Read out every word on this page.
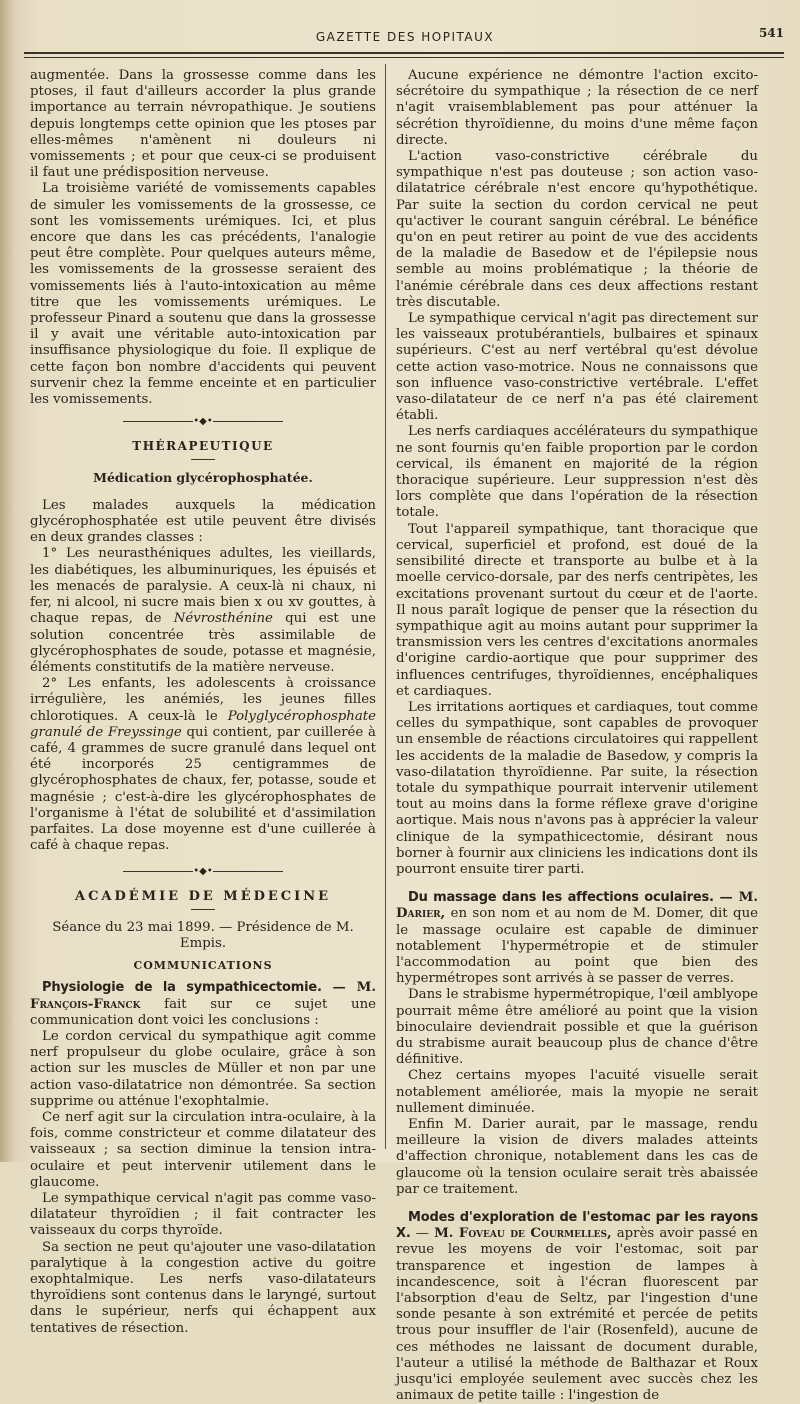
GAZETTE DES HOPITAUX	541

augmentée. Dans la grossesse comme dans les ptoses, il faut d'ailleurs accorder la plus grande importance au terrain névropathique. Je soutiens depuis longtemps cette opinion que les ptoses par elles-mêmes n'amènent ni douleurs ni vomissements ; et pour que ceux-ci se produisent il faut une prédisposition nerveuse.

La troisième variété de vomissements capables de simuler les vomissements de la grossesse, ce sont les vomissements urémiques. Ici, et plus encore que dans les cas précédents, l'analogie peut être complète. Pour quelques auteurs même, les vomissements de la grossesse seraient des vomissements liés à l'auto-intoxication au même titre que les vomissements urémiques. Le professeur Pinard a soutenu que dans la grossesse il y avait une véritable auto-intoxication par insuffisance physiologique du foie. Il explique de cette façon bon nombre d'accidents qui peuvent survenir chez la femme enceinte et en particulier les vomissements.

•◆•
THÉRAPEUTIQUE
Médication glycérophosphatée.

Les malades auxquels la médication glycérophosphatée est utile peuvent être divisés en deux grandes classes :

1° Les neurasthéniques adultes, les vieillards, les diabétiques, les albuminuriques, les épuisés et les menacés de paralysie. A ceux-là ni chaux, ni fer, ni alcool, ni sucre mais bien x ou xv gouttes, à chaque repas, de Névrosthénine qui est une solution concentrée très assimilable de glycérophosphates de soude, potasse et magnésie, éléments constitutifs de la matière nerveuse.

2° Les enfants, les adolescents à croissance irrégulière, les anémiés, les jeunes filles chlorotiques. A ceux-là le Polyglycérophosphate granulé de Freyssinge qui contient, par cuillerée à café, 4 grammes de sucre granulé dans lequel ont été incorporés 25 centigrammes de glycérophosphates de chaux, fer, potasse, soude et magnésie ; c'est-à-dire les glycérophosphates de l'organisme à l'état de solubilité et d'assimilation parfaites. La dose moyenne est d'une cuillerée à café à chaque repas.

•◆•
ACADÉMIE DE MÉDECINE
Séance du 23 mai 1899. — Présidence de M. Empis.
COMMUNICATIONS

Physiologie de la sympathicectomie. — M. François-Franck fait sur ce sujet une communication dont voici les conclusions :

Le cordon cervical du sympathique agit comme nerf propulseur du globe oculaire, grâce à son action sur les muscles de Müller et non par une action vaso-dilatatrice non démontrée. Sa section supprime ou atténue l'exophtalmie.

Ce nerf agit sur la circulation intra-oculaire, à la fois, comme constricteur et comme dilatateur des vaisseaux ; sa section diminue la tension intra-oculaire et peut intervenir utilement dans le glaucome.

Le sympathique cervical n'agit pas comme vaso-dilatateur thyroïdien ; il fait contracter les vaisseaux du corps thyroïde.

Sa section ne peut qu'ajouter une vaso-dilatation paralytique à la congestion active du goitre exophtalmique. Les nerfs vaso-dilatateurs thyroïdiens sont contenus dans le laryngé, surtout dans le supérieur, nerfs qui échappent aux tentatives de résection.

Aucune expérience ne démontre l'action excito-sécrétoire du sympathique ; la résection de ce nerf n'agit vraisemblablement pas pour atténuer la sécrétion thyroïdienne, du moins d'une même façon directe.

L'action vaso-constrictive cérébrale du sympathique n'est pas douteuse ; son action vaso-dilatatrice cérébrale n'est encore qu'hypothétique. Par suite la section du cordon cervical ne peut qu'activer le courant sanguin cérébral. Le bénéfice qu'on en peut retirer au point de vue des accidents de la maladie de Basedow et de l'épilepsie nous semble au moins problématique ; la théorie de l'anémie cérébrale dans ces deux affections restant très discutable.

Le sympathique cervical n'agit pas directement sur les vaisseaux protubérantiels, bulbaires et spinaux supérieurs. C'est au nerf vertébral qu'est dévolue cette action vaso-motrice. Nous ne connaissons que son influence vaso-constrictive vertébrale. L'effet vaso-dilatateur de ce nerf n'a pas été clairement établi.

Les nerfs cardiaques accélérateurs du sympathique ne sont fournis qu'en faible proportion par le cordon cervical, ils émanent en majorité de la région thoracique supérieure. Leur suppression n'est dès lors complète que dans l'opération de la résection totale.

Tout l'appareil sympathique, tant thoracique que cervical, superficiel et profond, est doué de la sensibilité directe et transporte au bulbe et à la moelle cervico-dorsale, par des nerfs centripètes, les excitations provenant surtout du cœur et de l'aorte. Il nous paraît logique de penser que la résection du sympathique agit au moins autant pour supprimer la transmission vers les centres d'excitations anormales d'origine cardio-aortique que pour supprimer des influences centrifuges, thyroïdiennes, encéphaliques et cardiaques.

Les irritations aortiques et cardiaques, tout comme celles du sympathique, sont capables de provoquer un ensemble de réactions circulatoires qui rappellent les accidents de la maladie de Basedow, y compris la vaso-dilatation thyroïdienne. Par suite, la résection totale du sympathique pourrait intervenir utilement tout au moins dans la forme réflexe grave d'origine aortique. Mais nous n'avons pas à apprécier la valeur clinique de la sympathicectomie, désirant nous borner à fournir aux cliniciens les indications dont ils pourront ensuite tirer parti.

Du massage dans les affections oculaires. — M. Darier, en son nom et au nom de M. Domer, dit que le massage oculaire est capable de diminuer notablement l'hypermétropie et de stimuler l'accommodation au point que bien des hypermétropes sont arrivés à se passer de verres.

Dans le strabisme hypermétropique, l'œil amblyope pourrait même être amélioré au point que la vision binoculaire deviendrait possible et que la guérison du strabisme aurait beaucoup plus de chance d'être définitive.

Chez certains myopes l'acuité visuelle serait notablement améliorée, mais la myopie ne serait nullement diminuée.

Enfin M. Darier aurait, par le massage, rendu meilleure la vision de divers malades atteints d'affection chronique, notablement dans les cas de glaucome où la tension oculaire serait très abaissée par ce traitement.

Modes d'exploration de l'estomac par les rayons X. — M. Foveau de Courmelles, après avoir passé en revue les moyens de voir l'estomac, soit par transparence et ingestion de lampes à incandescence, soit à l'écran fluorescent par l'absorption d'eau de Seltz, par l'ingestion d'une sonde pesante à son extrémité et percée de petits trous pour insuffler de l'air (Rosenfeld), aucune de ces méthodes ne laissant de document durable, l'auteur a utilisé la méthode de Balthazar et Roux jusqu'ici employée seulement avec succès chez les animaux de petite taille : l'ingestion de
